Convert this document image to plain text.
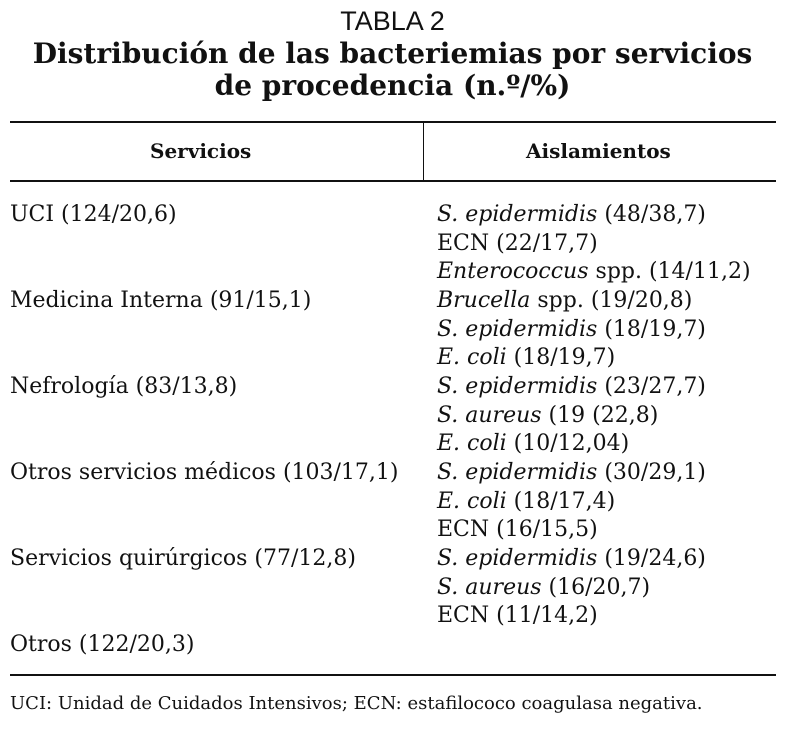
TABLA 2
Distribución de las bacteriemias por servicios
de procedencia (n.º/%)
Servicios	Aislamientos
UCI (124/20,6)	S. epidermidis (48/38,7)
ECN (22/17,7)
Enterococcus spp. (14/11,2)
Medicina Interna (91/15,1)	Brucella spp. (19/20,8)
S. epidermidis (18/19,7)
E. coli (18/19,7)
Nefrología (83/13,8)	S. epidermidis (23/27,7)
S. aureus (19 (22,8)
E. coli (10/12,04)
Otros servicios médicos (103/17,1) S. epidermidis (30/29,1)
E. coli (18/17,4)
ECN (16/15,5)
Servicios quirúrgicos (77/12,8)	S. epidermidis (19/24,6)
S. aureus (16/20,7)
ECN (11/14,2)
Otros (122/20,3)
UCI: Unidad de Cuidados Intensivos; ECN: estafilococo coagulasa negativa.
